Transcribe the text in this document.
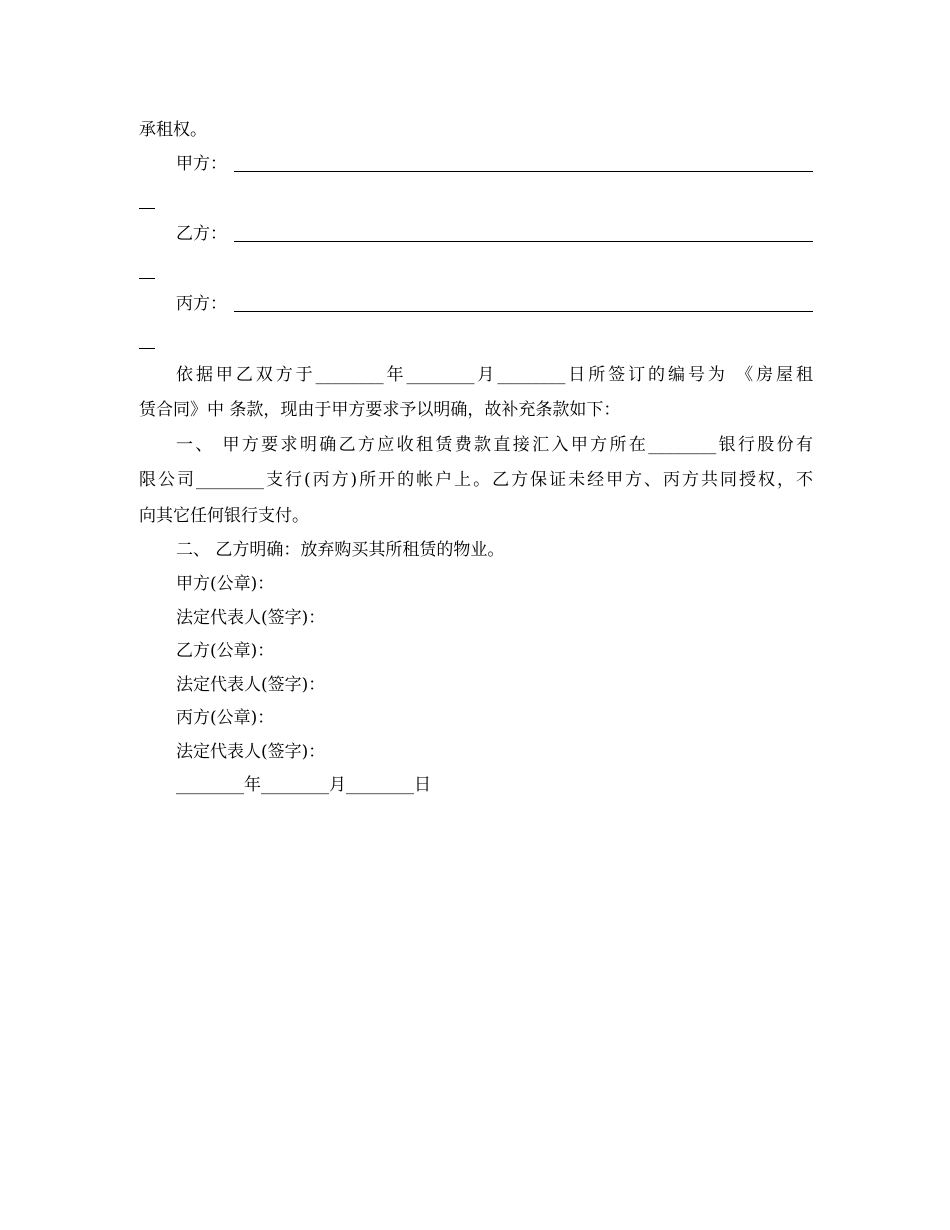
承租权。
甲方：
乙方：
丙方：
依据甲乙双方于________年________月________日所签订的编号为 《房屋租
赁合同》中 条款，现由于甲方要求予以明确，故补充条款如下：
一、 甲方要求明确乙方应收租赁费款直接汇入甲方所在________银行股份有
限公司________支行(丙方)所开的帐户上。乙方保证未经甲方、丙方共同授权，不
向其它任何银行支付。
二、 乙方明确：放弃购买其所租赁的物业。
甲方(公章)：
法定代表人(签字)：
乙方(公章)：
法定代表人(签字)：
丙方(公章)：
法定代表人(签字)：
________年________月________日
